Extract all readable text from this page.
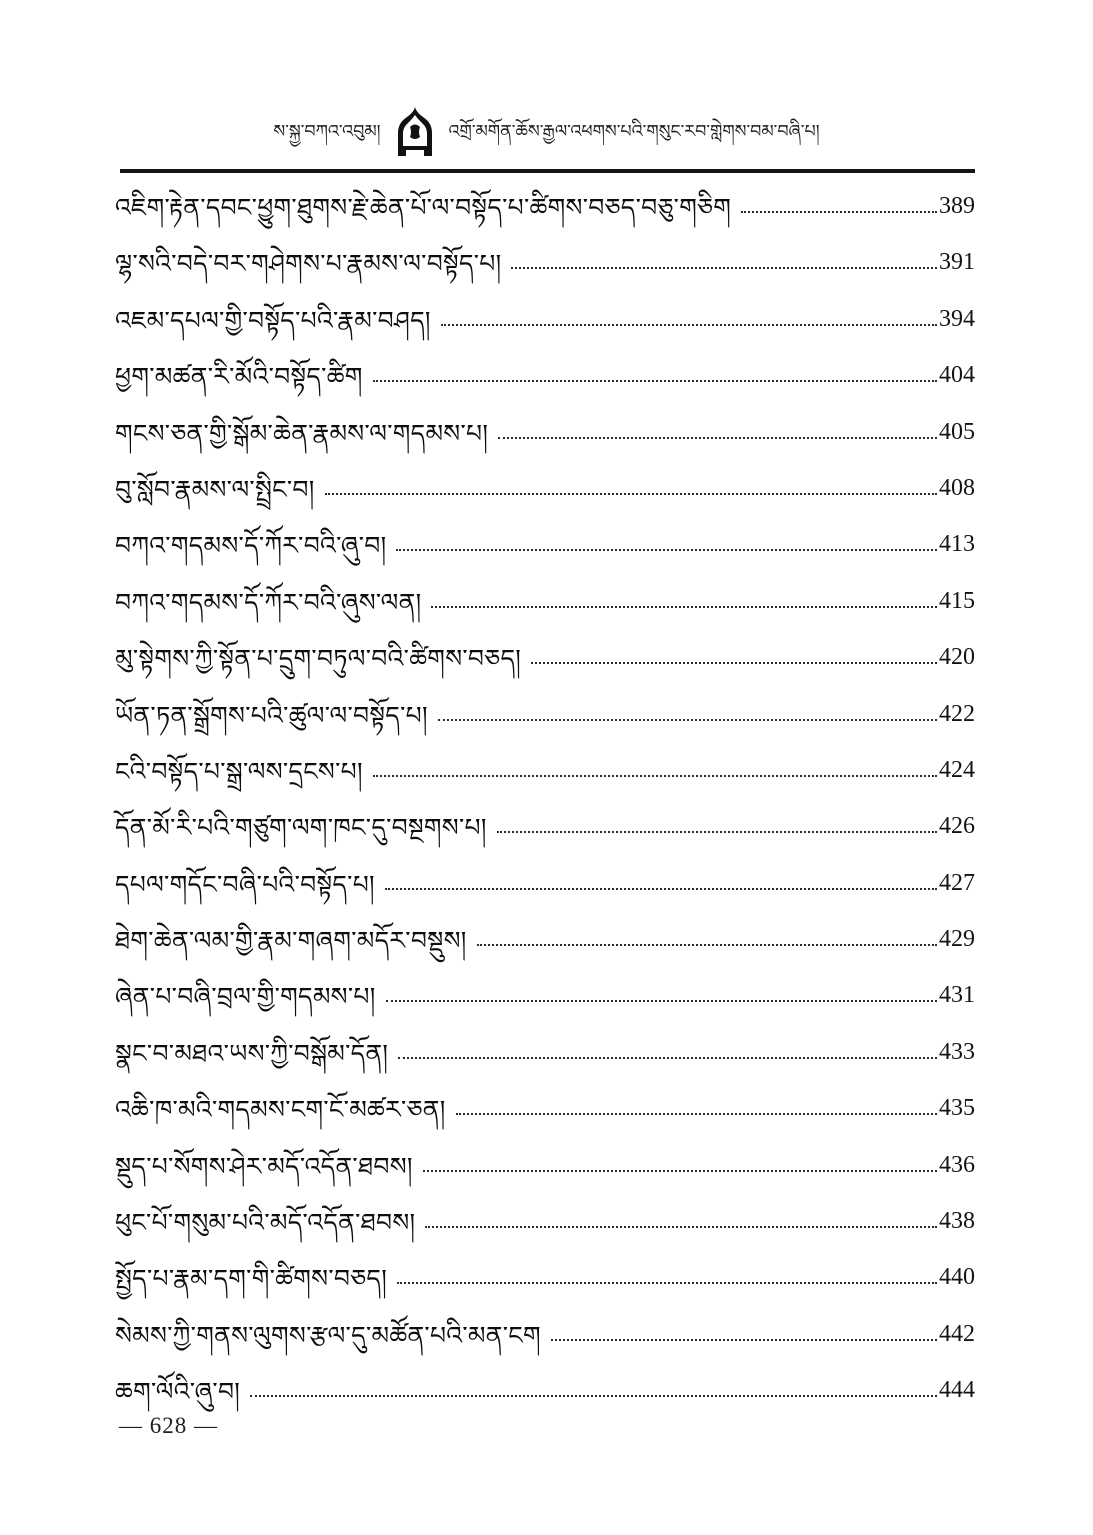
ས་སྐྱ་བཀའ་འབུམ།	འགྲོ་མགོན་ཆོས་རྒྱལ་འཕགས་པའི་གསུང་རབ་གླེགས་བམ་བཞི་པ།
འཇིག་རྟེན་དབང་ཕྱུག་ཐུགས་རྗེ་ཆེན་པོ་ལ་བསྟོད་པ་ཚིགས་བཅད་བཅུ་གཅིག	389
ལྷ་སའི་བདེ་བར་གཤེགས་པ་རྣམས་ལ་བསྟོད་པ།	391
འཇམ་དཔལ་གྱི་བསྟོད་པའི་རྣམ་བཤད།	394
ཕྱག་མཚན་རི་མོའི་བསྟོད་ཚིག	404
གངས་ཅན་གྱི་སྒོམ་ཆེན་རྣམས་ལ་གདམས་པ།	405
བུ་སློབ་རྣམས་ལ་སྤྲིང་བ།	408
བཀའ་གདམས་དོ་ཀོར་བའི་ཞུ་བ།	413
བཀའ་གདམས་དོ་ཀོར་བའི་ཞུས་ལན།	415
མུ་སྟེགས་ཀྱི་སྟོན་པ་དྲུག་བཏུལ་བའི་ཚིགས་བཅད།	420
ཡོན་ཏན་སྒྲོགས་པའི་ཚུལ་ལ་བསྟོད་པ།	422
ངའི་བསྟོད་པ་སྒྲ་ལས་དྲངས་པ།	424
དོན་མོ་རི་པའི་གཙུག་ལག་ཁང་དུ་བསྔགས་པ།	426
དཔལ་གདོང་བཞི་པའི་བསྟོད་པ།	427
ཐེག་ཆེན་ལམ་གྱི་རྣམ་གཞག་མདོར་བསྡུས།	429
ཞེན་པ་བཞི་བྲལ་གྱི་གདམས་པ།	431
སྣང་བ་མཐའ་ཡས་ཀྱི་བསྒོམ་དོན།	433
འཆི་ཁ་མའི་གདམས་ངག་ངོ་མཚར་ཅན།	435
སྡུད་པ་སོགས་ཤེར་མདོ་འདོན་ཐབས།	436
ཕུང་པོ་གསུམ་པའི་མདོ་འདོན་ཐབས།	438
སྤྱོད་པ་རྣམ་དག་གི་ཚིགས་བཅད།	440
སེམས་ཀྱི་གནས་ལུགས་རྩལ་དུ་མཚོན་པའི་མན་ངག	442
ཆག་ལོའི་ཞུ་བ།	444
— 628 —
